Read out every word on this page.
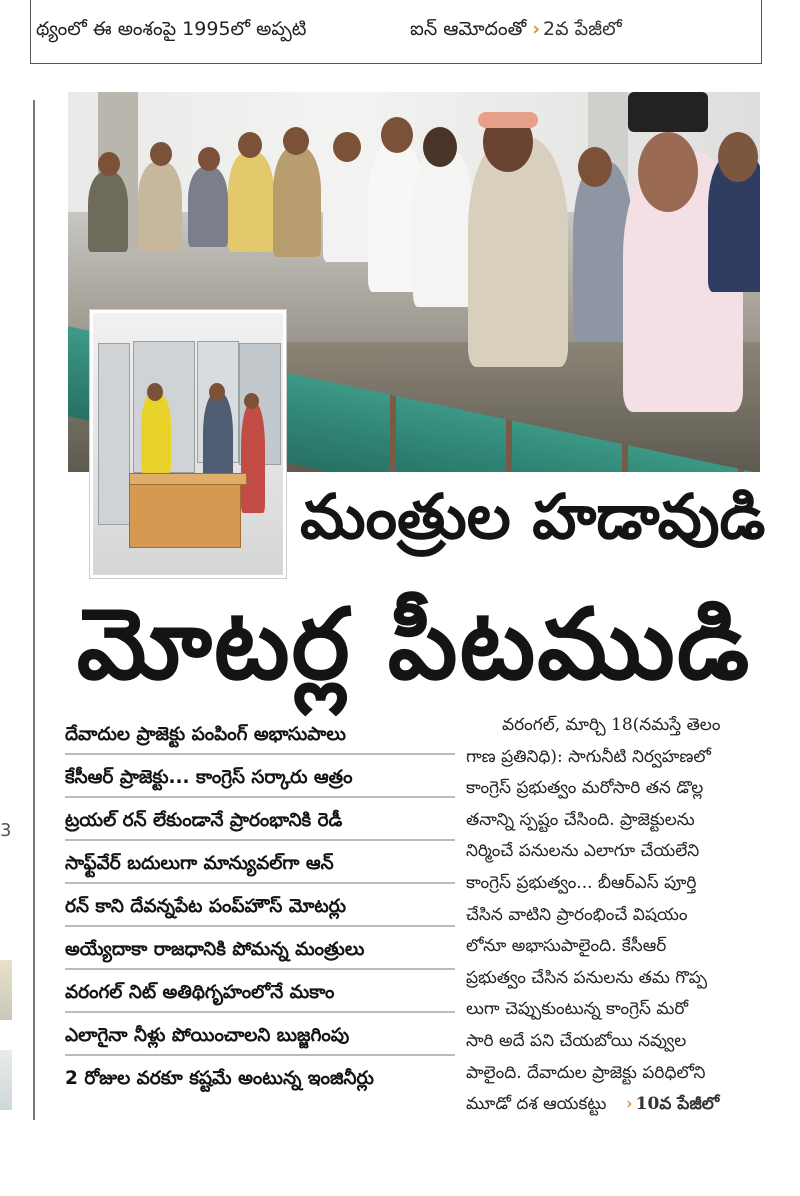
థ్యంలో ఈ అంశంపై 1995లో అప్పటి	ఐన్ ఆమోదంతో › 2వ పేజీలో
3
మంత్రుల హడావుడి
మోటర్ల పీటముడి
దేవాదుల ప్రాజెక్టు పంపింగ్ అభాసుపాలు
కేసీఆర్ ప్రాజెక్టు... కాంగ్రెస్ సర్కారు ఆత్రం
ట్రయల్ రన్ లేకుండానే ప్రారంభానికి రెడీ
సాఫ్ట్‌వేర్ బదులుగా మాన్యువల్‌గా ఆన్
రన్ కాని దేవన్నపేట పంప్‌హౌస్ మోటర్లు
అయ్యేదాకా రాజధానికి పోమన్న మంత్రులు
వరంగల్ నిట్ అతిథిగృహంలోనే మకాం
ఎలాగైనా నీళ్లు పోయించాలని బుజ్జగింపు
2 రోజుల వరకూ కష్టమే అంటున్న ఇంజినీర్లు
వరంగల్, మార్చి 18(నమస్తే తెలం
గాణ ప్రతినిధి): సాగునీటి నిర్వహణలో
కాంగ్రెస్ ప్రభుత్వం మరోసారి తన డొల్ల
తనాన్ని స్పష్టం చేసింది. ప్రాజెక్టులను
నిర్మించే పనులను ఎలాగూ చేయలేని
కాంగ్రెస్ ప్రభుత్వం... బీఆర్‌ఎస్ పూర్తి
చేసిన వాటిని ప్రారంభించే విషయం
లోనూ అభాసుపాలైంది. కేసీఆర్
ప్రభుత్వం చేసిన పనులను తమ గొప్ప
లుగా చెప్పుకుంటున్న కాంగ్రెస్ మరో
సారి అదే పని చేయబోయి నవ్వుల
పాలైంది. దేవాదుల ప్రాజెక్టు పరిధిలోని
మూడో దశ ఆయకట్టు › 10వ పేజీలో
